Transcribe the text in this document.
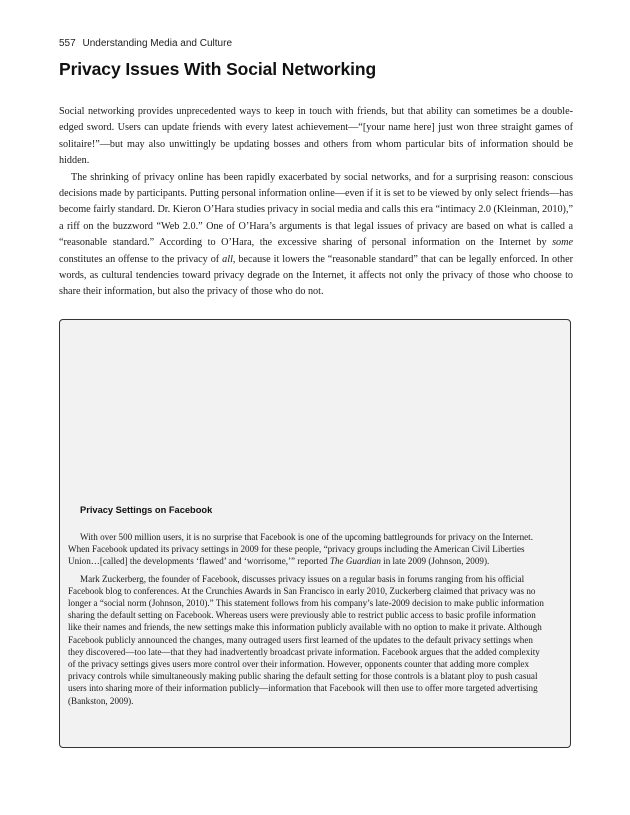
557 Understanding Media and Culture
Privacy Issues With Social Networking

Social networking provides unprecedented ways to keep in touch with friends, but that ability can sometimes be a double-edged sword. Users can update friends with every latest achievement—“[your name here] just won three straight games of solitaire!”—but may also unwittingly be updating bosses and others from whom particular bits of information should be hidden.

The shrinking of privacy online has been rapidly exacerbated by social networks, and for a surprising reason: conscious decisions made by participants. Putting personal information online—even if it is set to be viewed by only select friends—has become fairly standard. Dr. Kieron O’Hara studies privacy in social media and calls this era “intimacy 2.0 (Kleinman, 2010),” a riff on the buzzword “Web 2.0.” One of O’Hara’s arguments is that legal issues of privacy are based on what is called a “reasonable standard.” According to O’Hara, the excessive sharing of personal information on the Internet by some constitutes an offense to the privacy of all, because it lowers the “reasonable standard” that can be legally enforced. In other words, as cultural tendencies toward privacy degrade on the Internet, it affects not only the privacy of those who choose to share their information, but also the privacy of those who do not.

Privacy Settings on Facebook

With over 500 million users, it is no surprise that Facebook is one of the upcoming battlegrounds for privacy on the Internet. When Facebook updated its privacy settings in 2009 for these people, “privacy groups including the American Civil Liberties Union…[called] the developments ‘flawed’ and ‘worrisome,’” reported The Guardian in late 2009 (Johnson, 2009).

Mark Zuckerberg, the founder of Facebook, discusses privacy issues on a regular basis in forums ranging from his official Facebook blog to conferences. At the Crunchies Awards in San Francisco in early 2010, Zuckerberg claimed that privacy was no longer a “social norm (Johnson, 2010).” This statement follows from his company’s late-2009 decision to make public information sharing the default setting on Facebook. Whereas users were previously able to restrict public access to basic profile information like their names and friends, the new settings make this information publicly available with no option to make it private. Although Facebook publicly announced the changes, many outraged users first learned of the updates to the default privacy settings when they discovered—too late—that they had inadvertently broadcast private information. Facebook argues that the added complexity of the privacy settings gives users more control over their information. However, opponents counter that adding more complex privacy controls while simultaneously making public sharing the default setting for those controls is a blatant ploy to push casual users into sharing more of their information publicly—information that Facebook will then use to offer more targeted advertising (Bankston, 2009).
